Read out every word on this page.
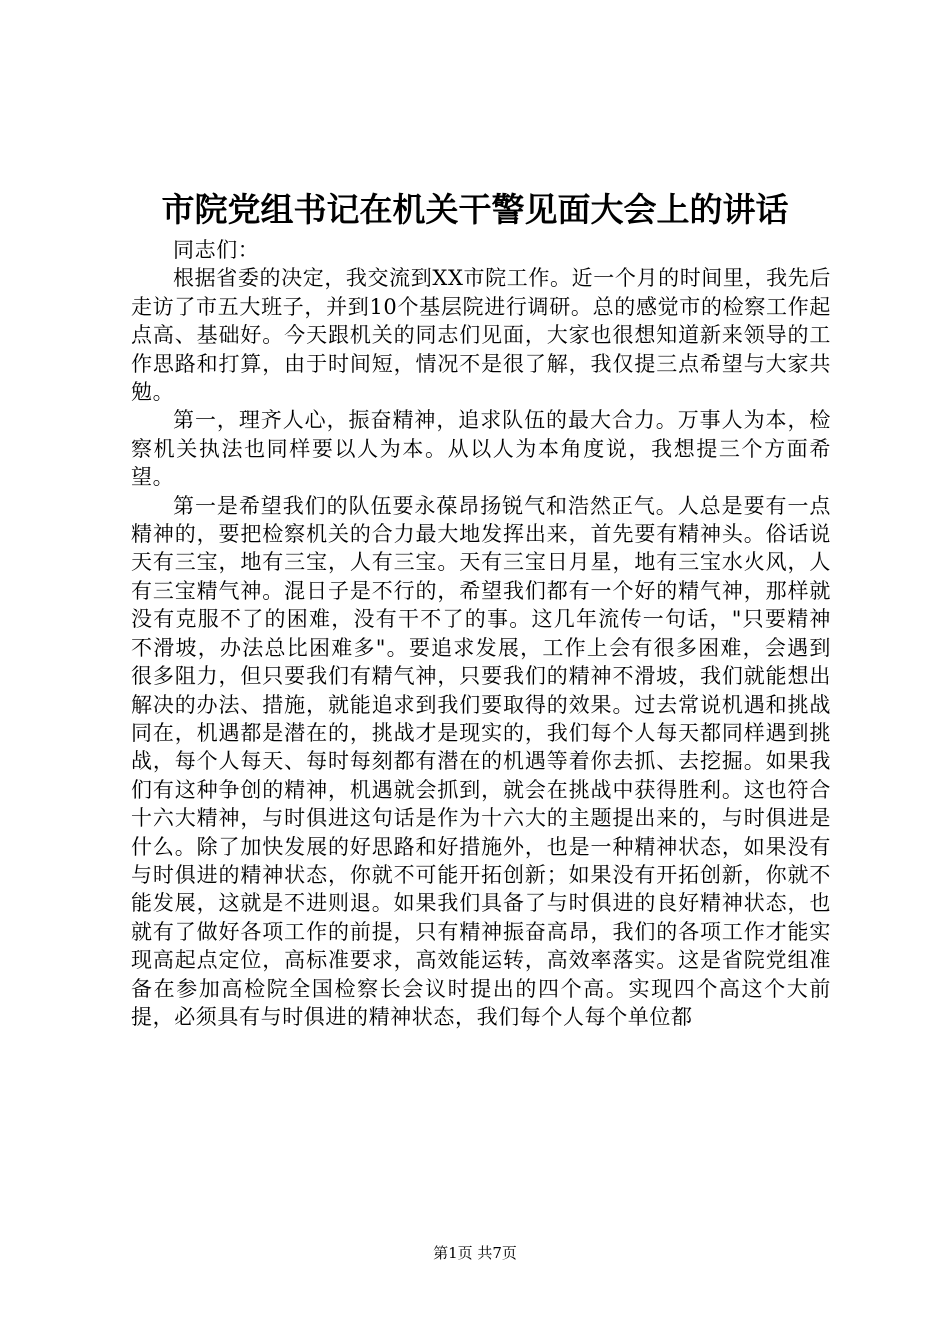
市院党组书记在机关干警见面大会上的讲话

同志们：

根据省委的决定，我交流到XX市院工作。近一个月的时间里，我先后走访了市五大班子，并到10个基层院进行调研。总的感觉市的检察工作起点高、基础好。今天跟机关的同志们见面，大家也很想知道新来领导的工作思路和打算，由于时间短，情况不是很了解，我仅提三点希望与大家共勉。

第一，理齐人心，振奋精神，追求队伍的最大合力。万事人为本，检察机关执法也同样要以人为本。从以人为本角度说，我想提三个方面希望。

第一是希望我们的队伍要永葆昂扬锐气和浩然正气。人总是要有一点精神的，要把检察机关的合力最大地发挥出来，首先要有精神头。俗话说天有三宝，地有三宝，人有三宝。天有三宝日月星，地有三宝水火风，人有三宝精气神。混日子是不行的，希望我们都有一个好的精气神，那样就没有克服不了的困难，没有干不了的事。这几年流传一句话，"只要精神不滑坡，办法总比困难多"。要追求发展，工作上会有很多困难，会遇到很多阻力，但只要我们有精气神，只要我们的精神不滑坡，我们就能想出解决的办法、措施，就能追求到我们要取得的效果。过去常说机遇和挑战同在，机遇都是潜在的，挑战才是现实的，我们每个人每天都同样遇到挑战，每个人每天、每时每刻都有潜在的机遇等着你去抓、去挖掘。如果我们有这种争创的精神，机遇就会抓到，就会在挑战中获得胜利。这也符合十六大精神，与时俱进这句话是作为十六大的主题提出来的，与时俱进是什么。除了加快发展的好思路和好措施外，也是一种精神状态，如果没有与时俱进的精神状态，你就不可能开拓创新；如果没有开拓创新，你就不能发展，这就是不进则退。如果我们具备了与时俱进的良好精神状态，也就有了做好各项工作的前提，只有精神振奋高昂，我们的各项工作才能实现高起点定位，高标准要求，高效能运转，高效率落实。这是省院党组准备在参加高检院全国检察长会议时提出的四个高。实现四个高这个大前提，必须具有与时俱进的精神状态，我们每个人每个单位都

第1页 共7页
